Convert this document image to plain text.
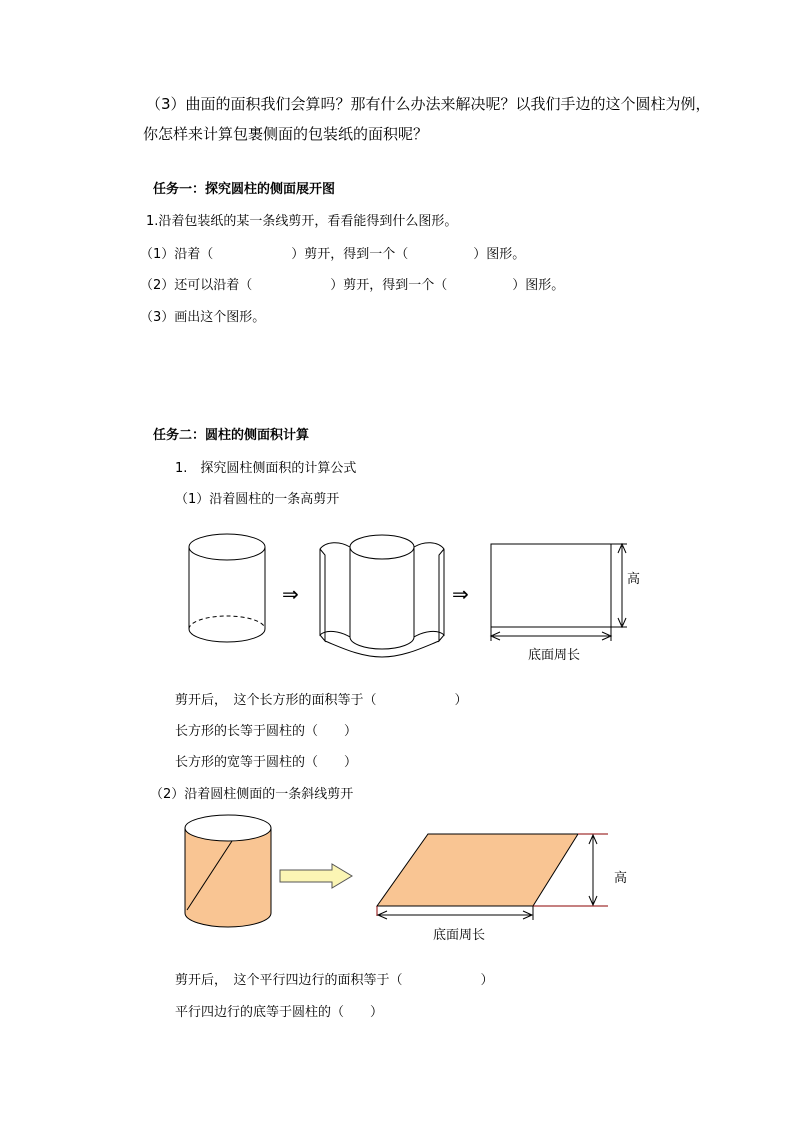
（3）曲面的面积我们会算吗？那有什么办法来解决呢？以我们手边的这个圆柱为例，
你怎样来计算包裹侧面的包装纸的面积呢？
任务一：探究圆柱的侧面展开图
1.沿着包装纸的某一条线剪开，看看能得到什么图形。
（1）沿着（　　　　　　）剪开，得到一个（　　　　　）图形。
（2）还可以沿着（　　　　　　）剪开，得到一个（　　　　　）图形。
（3）画出这个图形。
任务二：圆柱的侧面积计算
1.　探究圆柱侧面积的计算公式
（1）沿着圆柱的一条高剪开
⇒	⇒
高
底面周长
剪开后，　这个长方形的面积等于（　　　　　　）
长方形的长等于圆柱的（　　）
长方形的宽等于圆柱的（　　）
（2）沿着圆柱侧面的一条斜线剪开
高
底面周长
剪开后，　这个平行四边行的面积等于（　　　　　　）
平行四边行的底等于圆柱的（　　）
